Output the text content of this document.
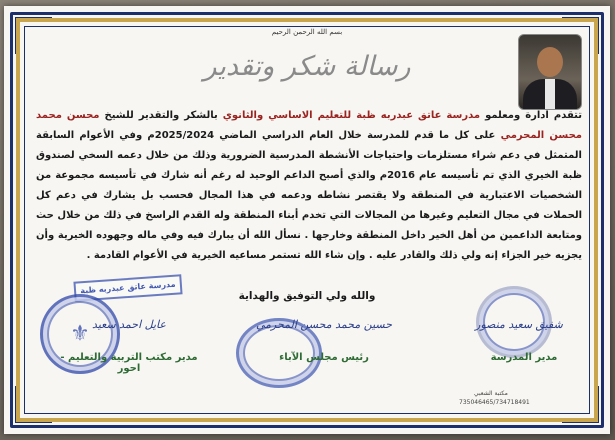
بسم الله الرحمن الرحيم
رسالة شكر وتقدير
تتقدم ادارة ومعلمو مدرسة عاتق عبدربه ظبة للتعليم الاساسي والثانوي بالشكر والتقدير للشيخ محسن محمد محسن المحرمي على كل ما قدم للمدرسة خلال العام الدراسي الماضي 2025/2024م وفي الأعوام السابقة المتمثل في دعم شراء مستلزمات واحتياجات الأنشطة المدرسية الضرورية وذلك من خلال دعمه السخي لصندوق ظبة الخيري الذي تم تأسيسه عام 2016م والذي أصبح الداعم الوحيد له رغم أنه شارك في تأسيسه مجموعة من الشخصيات الاعتبارية في المنطقة ولا يقتصر نشاطه ودعمه في هذا المجال فحسب بل يشارك في دعم كل الحملات في مجال التعليم وغيرها من المجالات التي تخدم أبناء المنطقة وله القدم الراسخ في ذلك من خلال حث ومتابعة الداعمين من أهل الخير داخل المنطقة وخارجها . نسأل الله أن يبارك فيه وفي ماله وجهوده الخيرية وأن يجزيه خير الجزاء إنه ولي ذلك والقادر عليه . وإن شاء الله تستمر مساعيه الخيرية في الأعوام القادمة .
والله ولي التوفيق والهداية
مدرسة عاتق عبدربه ظبة
⚜ عايل احمد سعيد	حسين محمد محسن المحرمي	شفيق سعيد منصور
مدير مكتب التربية والتعليم - احور
رئيس مجلس الآباء	مدير المدرسة
مكتبة الشعبي
735046465/734718491
